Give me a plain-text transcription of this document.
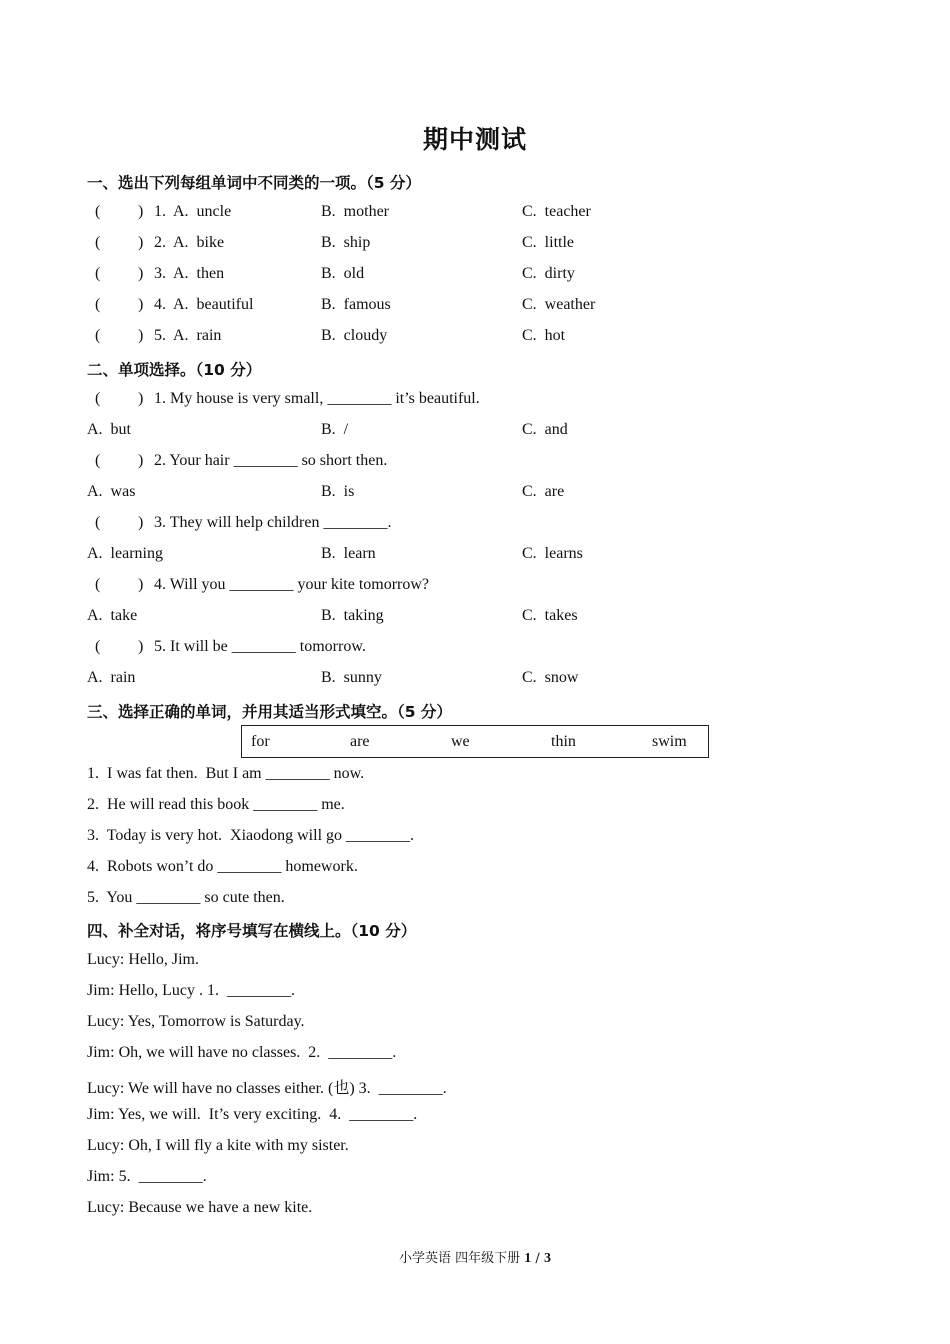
期中测试
一、选出下列每组单词中不同类的一项。（5 分）
( ) 1. A.  uncle	B.  mother	C.  teacher
( ) 2. A.  bike	B.  ship	C.  little
( ) 3. A.  then	B.  old	C.  dirty
( ) 4. A.  beautiful	B.  famous	C.  weather
( ) 5. A.  rain	B.  cloudy	C.  hot
二、单项选择。（10 分）
( ) 1. My house is very small, ________ it’s beautiful.
A.  but	B.  /	C.  and
( ) 2. Your hair ________ so short then.
A.  was	B.  is	C.  are
( ) 3. They will help children ________.
A.  learning	B.  learn	C.  learns
( ) 4. Will you ________ your kite tomorrow?
A.  take	B.  taking	C.  takes
( ) 5. It will be ________ tomorrow.
A.  rain	B.  sunny	C.  snow
三、选择正确的单词，并用其适当形式填空。（5 分）
for	are	we	thin	swim
1.  I was fat then.  But I am ________ now.
2.  He will read this book ________ me.
3.  Today is very hot.  Xiaodong will go ________.
4.  Robots won’t do ________ homework.
5.  You ________ so cute then.
四、补全对话，将序号填写在横线上。（10 分）
Lucy: Hello, Jim.
Jim: Hello, Lucy . 1.  ________.
Lucy: Yes, Tomorrow is Saturday.
Jim: Oh, we will have no classes.  2.  ________.
Lucy: We will have no classes either. (也) 3.  ________.
Jim: Yes, we will.  It’s very exciting.  4.  ________.
Lucy: Oh, I will fly a kite with my sister.
Jim: 5.  ________.
Lucy: Because we have a new kite.
小学英语 四年级下册 1 / 3
